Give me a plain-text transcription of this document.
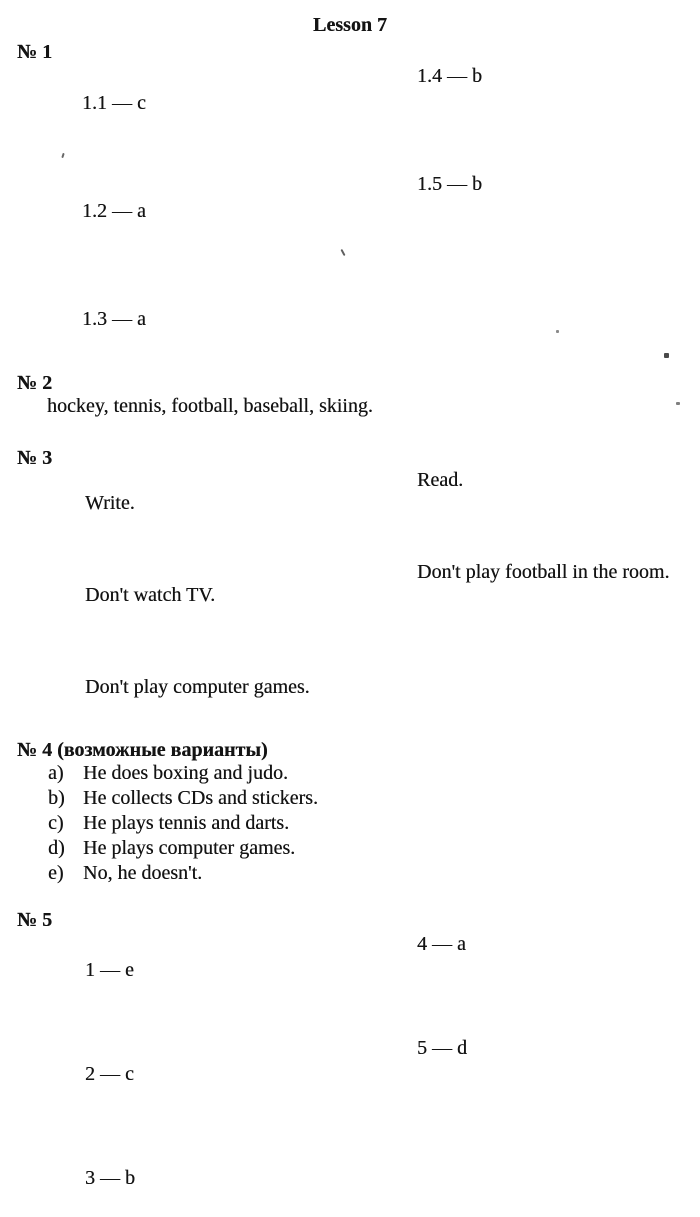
Lesson 7
№ 1

1.1 — c

1.4 — b

1.2 — a

1.5 — b

1.3 — a

№ 2
hockey, tennis, football, baseball, skiing.
№ 3

Write.

Read.

Don't watch TV.

Don't play football in the room.

Don't play computer games.

№ 4 (возможные варианты)
a) He does boxing and judo.
b) He collects CDs and stickers.
c) He plays tennis and darts.
d) He plays computer games.
e) No, he doesn't.
№ 5

1 — e

4 — a

2 — c

5 — d

3 — b
